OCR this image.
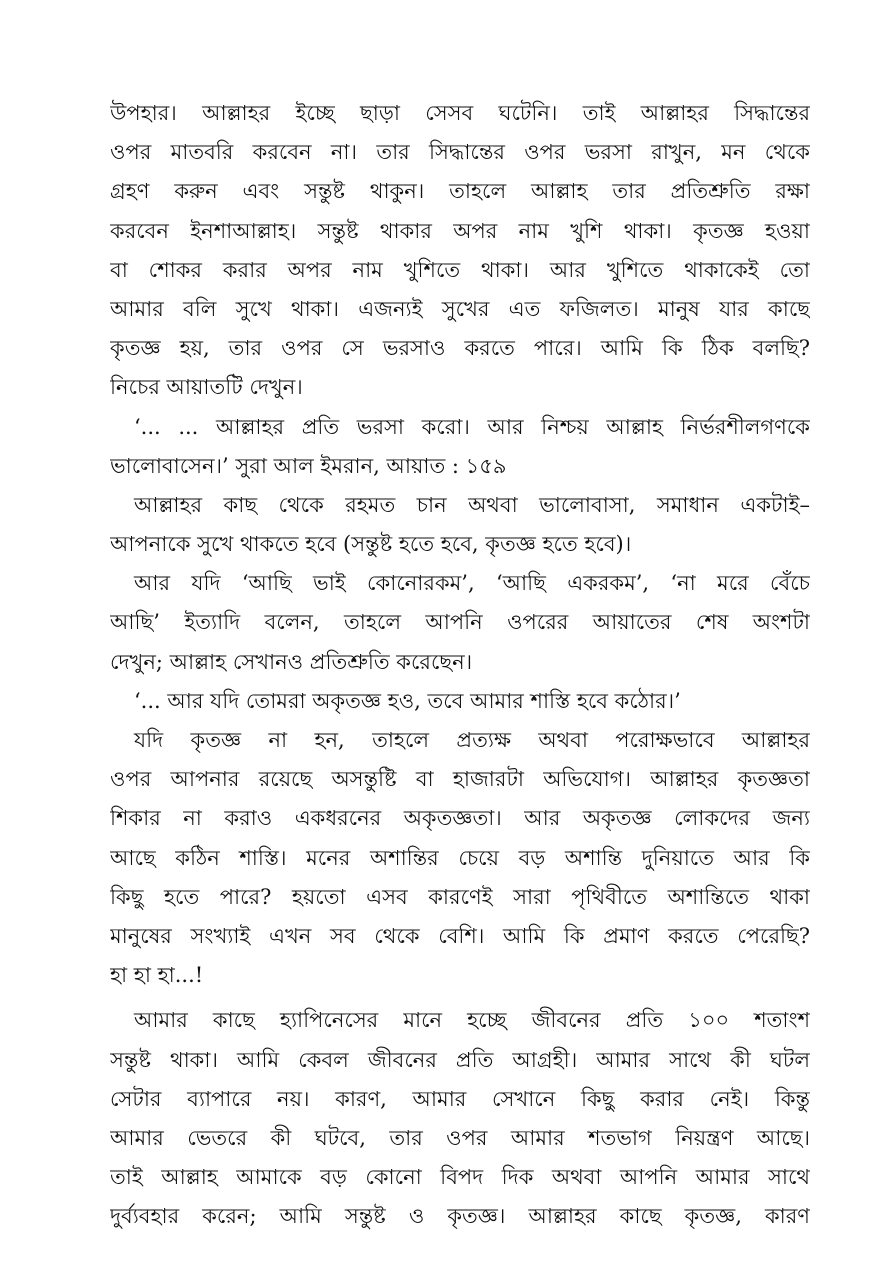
উপহার। আল্লাহর ইচ্ছে ছাড়া সেসব ঘটেনি। তাই আল্লাহর সিদ্ধান্তের
ওপর মাতবরি করবেন না। তার সিদ্ধান্তের ওপর ভরসা রাখুন, মন থেকে
গ্রহণ করুন এবং সন্তুষ্ট থাকুন। তাহলে আল্লাহ তার প্রতিশ্রুতি রক্ষা
করবেন ইনশাআল্লাহ। সন্তুষ্ট থাকার অপর নাম খুশি থাকা। কৃতজ্ঞ হওয়া
বা শোকর করার অপর নাম খুশিতে থাকা। আর খুশিতে থাকাকেই তো
আমার বলি সুখে থাকা। এজন্যই সুখের এত ফজিলত। মানুষ যার কাছে
কৃতজ্ঞ হয়, তার ওপর সে ভরসাও করতে পারে। আমি কি ঠিক বলছি?
নিচের আয়াতটি দেখুন।
‘... ... আল্লাহর প্রতি ভরসা করো। আর নিশ্চয় আল্লাহ নির্ভরশীলগণকে
ভালোবাসেন।’ সুরা আল ইমরান, আয়াত : ১৫৯
আল্লাহর কাছ থেকে রহমত চান অথবা ভালোবাসা, সমাধান একটাই–
আপনাকে সুখে থাকতে হবে (সন্তুষ্ট হতে হবে, কৃতজ্ঞ হতে হবে)।
আর যদি ‘আছি ভাই কোনোরকম’, ‘আছি একরকম’, ‘না মরে বেঁচে
আছি’ ইত্যাদি বলেন, তাহলে আপনি ওপরের আয়াতের শেষ অংশটা
দেখুন; আল্লাহ সেখানও প্রতিশ্রুতি করেছেন।
‘... আর যদি তোমরা অকৃতজ্ঞ হও, তবে আমার শাস্তি হবে কঠোর।’
যদি কৃতজ্ঞ না হন, তাহলে প্রত্যক্ষ অথবা পরোক্ষভাবে আল্লাহর
ওপর আপনার রয়েছে অসন্তুষ্টি বা হাজারটা অভিযোগ। আল্লাহর কৃতজ্ঞতা
শিকার না করাও একধরনের অকৃতজ্ঞতা। আর অকৃতজ্ঞ লোকদের জন্য
আছে কঠিন শাস্তি। মনের অশান্তির চেয়ে বড় অশান্তি দুনিয়াতে আর কি
কিছু হতে পারে? হয়তো এসব কারণেই সারা পৃথিবীতে অশান্তিতে থাকা
মানুষের সংখ্যাই এখন সব থেকে বেশি। আমি কি প্রমাণ করতে পেরেছি?
হা হা হা...!
আমার কাছে হ্যাপিনেসের মানে হচ্ছে জীবনের প্রতি ১০০ শতাংশ
সন্তুষ্ট থাকা। আমি কেবল জীবনের প্রতি আগ্রহী। আমার সাথে কী ঘটল
সেটার ব্যাপারে নয়। কারণ, আমার সেখানে কিছু করার নেই। কিন্তু
আমার ভেতরে কী ঘটবে, তার ওপর আমার শতভাগ নিয়ন্ত্রণ আছে।
তাই আল্লাহ আমাকে বড় কোনো বিপদ দিক অথবা আপনি আমার সাথে
দুর্ব্যবহার করেন; আমি সন্তুষ্ট ও কৃতজ্ঞ। আল্লাহর কাছে কৃতজ্ঞ, কারণ
